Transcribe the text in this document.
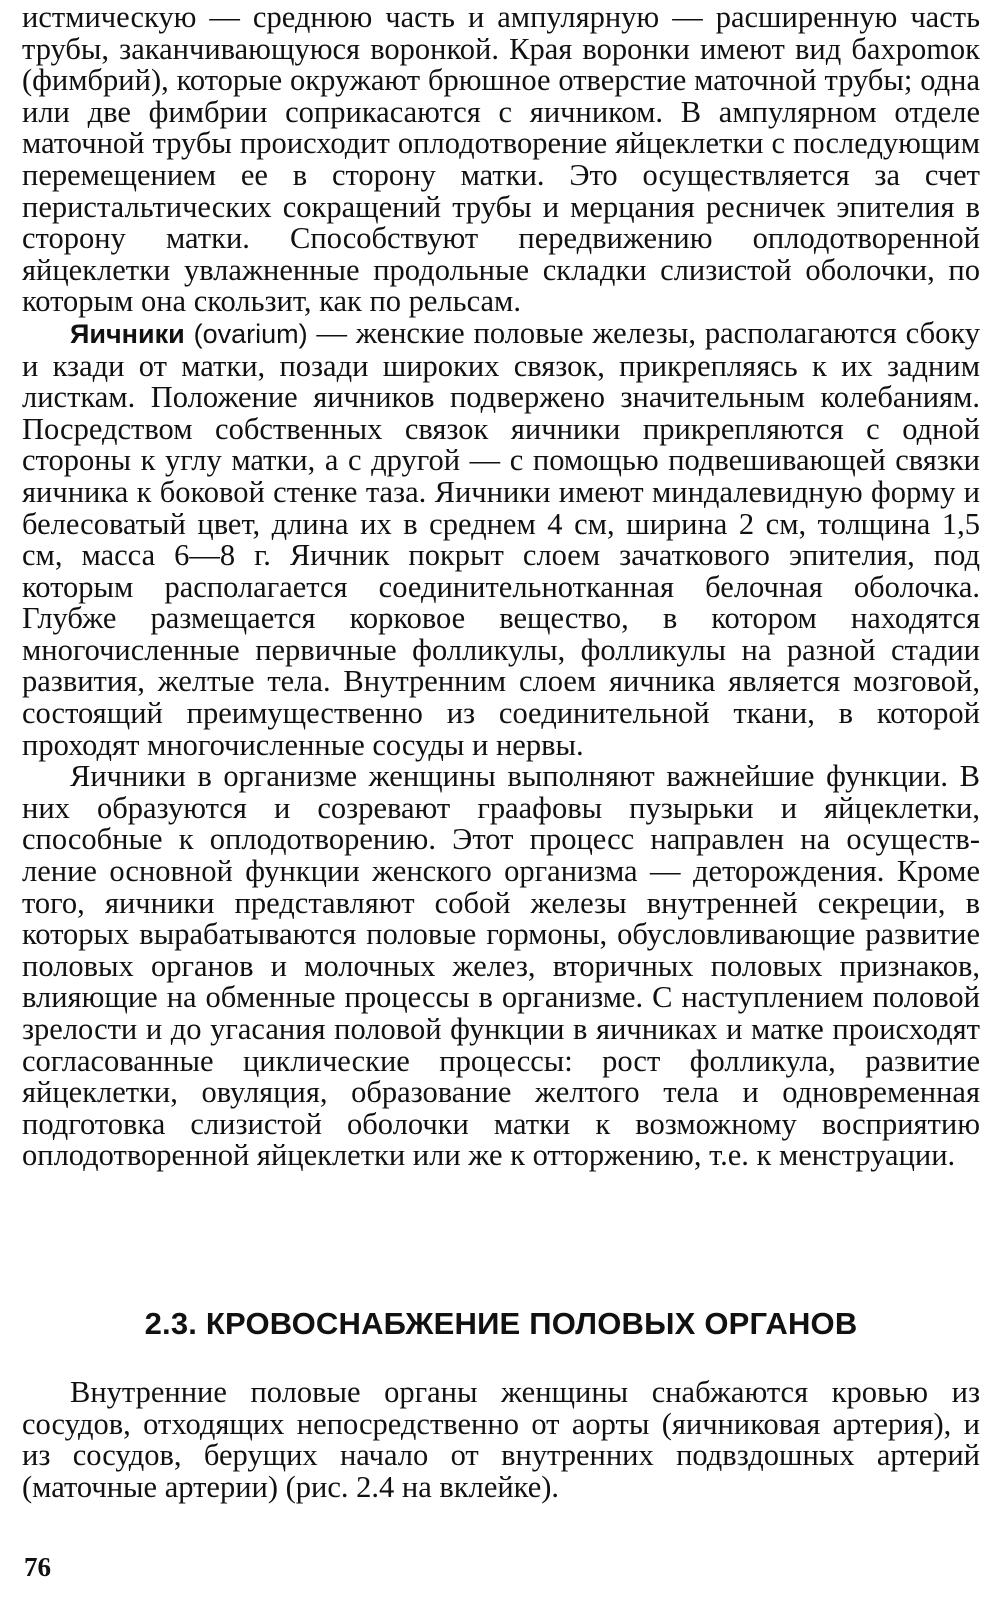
истмическую — среднюю часть и ампулярную — расширенную часть трубы, заканчивающуюся воронкой. Края воронки имеют вид бахроmок (фимбрий), которые окружают брюшное отверстие маточной трубы; одна или две фимбрии соприкасаются с яичником. В ампулярном отделе маточной трубы происходит оплодотворение яйцеклетки с последующим перемещением ее в сторону матки. Это осуществляется за счет перистальтических сокращений трубы и мерцания ресничек эпителия в сторону матки. Способствуют передвижению оплодотворенной яйцеклетки увлажненные продольные складки слизистой оболочки, по которым она скользит, как по рельсам.

Яичники (ovarium) — женские половые железы, располагаются сбоку и кзади от матки, позади широких связок, прикрепляясь к их задним листкам. Положение яичников подвержено значительным колебаниям. Посредством собственных связок яичники прикрепляются с одной стороны к углу матки, а с другой — с помощью подвешивающей связки яичника к боковой стенке таза. Яичники имеют миндалевидную форму и белесоватый цвет, длина их в среднем 4 см, ширина 2 см, толщина 1,5 см, масса 6—8 г. Яичник покрыт слоем зачаткового эпителия, под которым располагается соединительнотканная белочная оболочка. Глубже размещается корковое вещество, в котором находятся многочисленные первичные фолликулы, фолликулы на разной стадии развития, желтые тела. Внутренним слоем яичника является мозговой, состоящий преимущественно из соединительной ткани, в которой проходят многочисленные сосуды и нервы.

Яичники в организме женщины выполняют важнейшие функции. В них образуются и созревают граафовы пузырьки и яйцеклетки, способные к оплодотворению. Этот процесс направлен на осуществление основной функции женского организма — деторождения. Кроме того, яичники представляют собой железы внутренней секреции, в которых вырабатываются половые гормоны, обусловливающие развитие половых органов и молочных желез, вторичных половых признаков, влияющие на обменные процессы в организме. С наступлением половой зрелости и до угасания половой функции в яичниках и матке происходят согласованные циклические процессы: рост фолликула, развитие яйцеклетки, овуляция, образование желтого тела и одновременная подготовка слизистой оболочки матки к возможному восприятию оплодотворенной яйцеклетки или же к отторжению, т.е. к менструации.

2.3. КРОВОСНАБЖЕНИЕ ПОЛОВЫХ ОРГАНОВ

Внутренние половые органы женщины снабжаются кровью из сосудов, отходящих непосредственно от аорты (яичниковая артерия), и из сосудов, берущих начало от внутренних подвздошных артерий (маточные артерии) (рис. 2.4 на вклейке).

76
